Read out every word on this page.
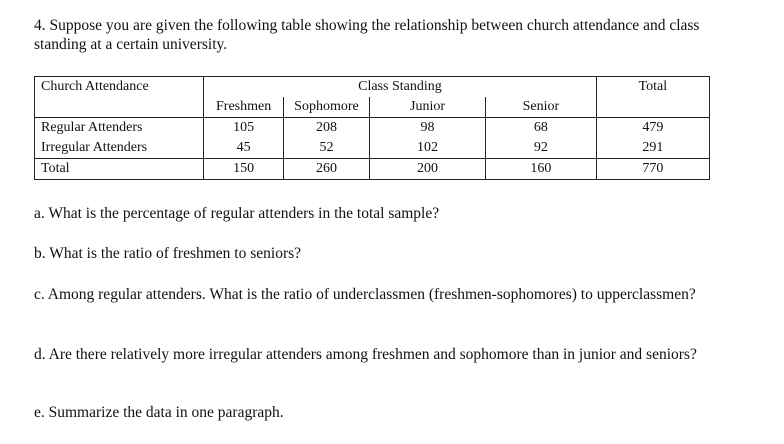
4. Suppose you are given the following table showing the relationship between church attendance and class standing at a certain university.
Church Attendance	Class Standing				Total
	Freshmen	Sophomore	Junior	Senior	
Regular Attenders	105	208	98	68	479
Irregular Attenders	45	52	102	92	291
Total	150	260	200	160	770
a. What is the percentage of regular attenders in the total sample?
b. What is the ratio of freshmen to seniors?
c. Among regular attenders. What is the ratio of underclassmen (freshmen-sophomores) to upperclassmen?
d. Are there relatively more irregular attenders among freshmen and sophomore than in junior and seniors?
e. Summarize the data in one paragraph.
